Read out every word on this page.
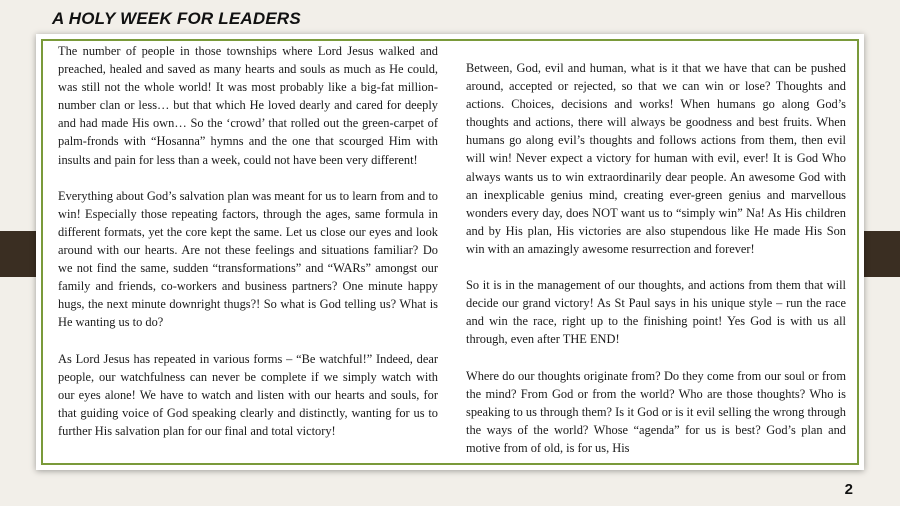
A HOLY WEEK FOR LEADERS

The number of people in those townships where Lord Jesus walked and preached, healed and saved as many hearts and souls as much as He could, was still not the whole world! It was most probably like a big-fat million-number clan or less… but that which He loved dearly and cared for deeply and had made His own… So the ‘crowd’ that rolled out the green-carpet of palm-fronds with “Hosanna” hymns and the one that scourged Him with insults and pain for less than a week, could not have been very different!

Everything about God’s salvation plan was meant for us to learn from and to win! Especially those repeating factors, through the ages, same formula in different formats, yet the core kept the same. Let us close our eyes and look around with our hearts. Are not these feelings and situations familiar? Do we not find the same, sudden “transformations” and “WARs” amongst our family and friends, co-workers and business partners? One minute happy hugs, the next minute downright thugs?! So what is God telling us? What is He wanting us to do?

As Lord Jesus has repeated in various forms – “Be watchful!” Indeed, dear people, our watchfulness can never be complete if we simply watch with our eyes alone! We have to watch and listen with our hearts and souls, for that guiding voice of God speaking clearly and distinctly, wanting for us to further His salvation plan for our final and total victory!

Between, God, evil and human, what is it that we have that can be pushed around, accepted or rejected, so that we can win or lose? Thoughts and actions. Choices, decisions and works! When humans go along God’s thoughts and actions, there will always be goodness and best fruits. When humans go along evil’s thoughts and follows actions from them, then evil will win! Never expect a victory for human with evil, ever! It is God Who always wants us to win extraordinarily dear people. An awesome God with an inexplicable genius mind, creating ever-green genius and marvellous wonders every day, does NOT want us to “simply win” Na! As His children and by His plan, His victories are also stupendous like He made His Son win with an amazingly awesome resurrection and forever!

So it is in the management of our thoughts, and actions from them that will decide our grand victory! As St Paul says in his unique style – run the race and win the race, right up to the finishing point! Yes God is with us all through, even after THE END!

Where do our thoughts originate from? Do they come from our soul or from the mind? From God or from the world? Who are those thoughts? Who is speaking to us through them? Is it God or is it evil selling the wrong through the ways of the world? Whose “agenda” for us is best? God’s plan and motive from of old, is for us, His

2
